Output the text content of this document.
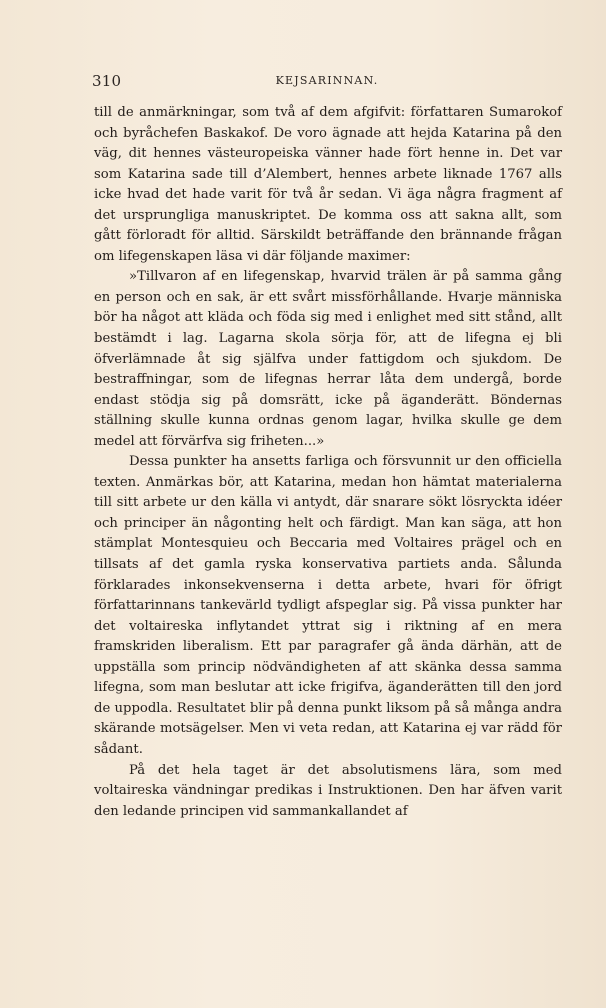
310	KEJSARINNAN.

till de anmärkningar, som två af dem afgifvit: författaren Sumarokof och byråchefen Baskakof. De voro ägnade att hejda Katarina på den väg, dit hennes västeuropeiska vänner hade fört henne in. Det var som Katarina sade till d’Alembert, hennes arbete liknade 1767 alls icke hvad det hade varit för två år sedan. Vi äga några fragment af det ursprungliga manuskriptet. De komma oss att sakna allt, som gått förloradt för alltid. Särskildt beträffande den brännande frågan om lifegenskapen läsa vi där följande maximer:

»Tillvaron af en lifegenskap, hvarvid trälen är på samma gång en person och en sak, är ett svårt missförhållande. Hvarje människa bör ha något att kläda och föda sig med i enlighet med sitt stånd, allt bestämdt i lag. Lagarna skola sörja för, att de lifegna ej bli öfverlämnade åt sig själfva under fattigdom och sjukdom. De bestraffningar, som de lifegnas herrar låta dem undergå, borde endast stödja sig på domsrätt, icke på äganderätt. Böndernas ställning skulle kunna ordnas genom lagar, hvilka skulle ge dem medel att förvärfva sig friheten...»

Dessa punkter ha ansetts farliga och försvunnit ur den officiella texten. Anmärkas bör, att Katarina, medan hon hämtat materialerna till sitt arbete ur den källa vi antydt, där snarare sökt lösryckta idéer och principer än någonting helt och färdigt. Man kan säga, att hon stämplat Montesquieu och Beccaria med Voltaires prägel och en tillsats af det gamla ryska konservativa partiets anda. Sålunda förklarades inkonsekvenserna i detta arbete, hvari för öfrigt författarinnans tankevärld tydligt afspeglar sig. På vissa punkter har det voltaireska inflytandet yttrat sig i riktning af en mera framskriden liberalism. Ett par paragrafer gå ända därhän, att de uppställa som princip nödvändigheten af att skänka dessa samma lifegna, som man beslutar att icke frigifva, äganderätten till den jord de uppodla. Resultatet blir på denna punkt liksom på så många andra skärande motsägelser. Men vi veta redan, att Katarina ej var rädd för sådant.

På det hela taget är det absolutismens lära, som med voltaireska vändningar predikas i Instruktionen. Den har äfven varit den ledande principen vid sammankallandet af
